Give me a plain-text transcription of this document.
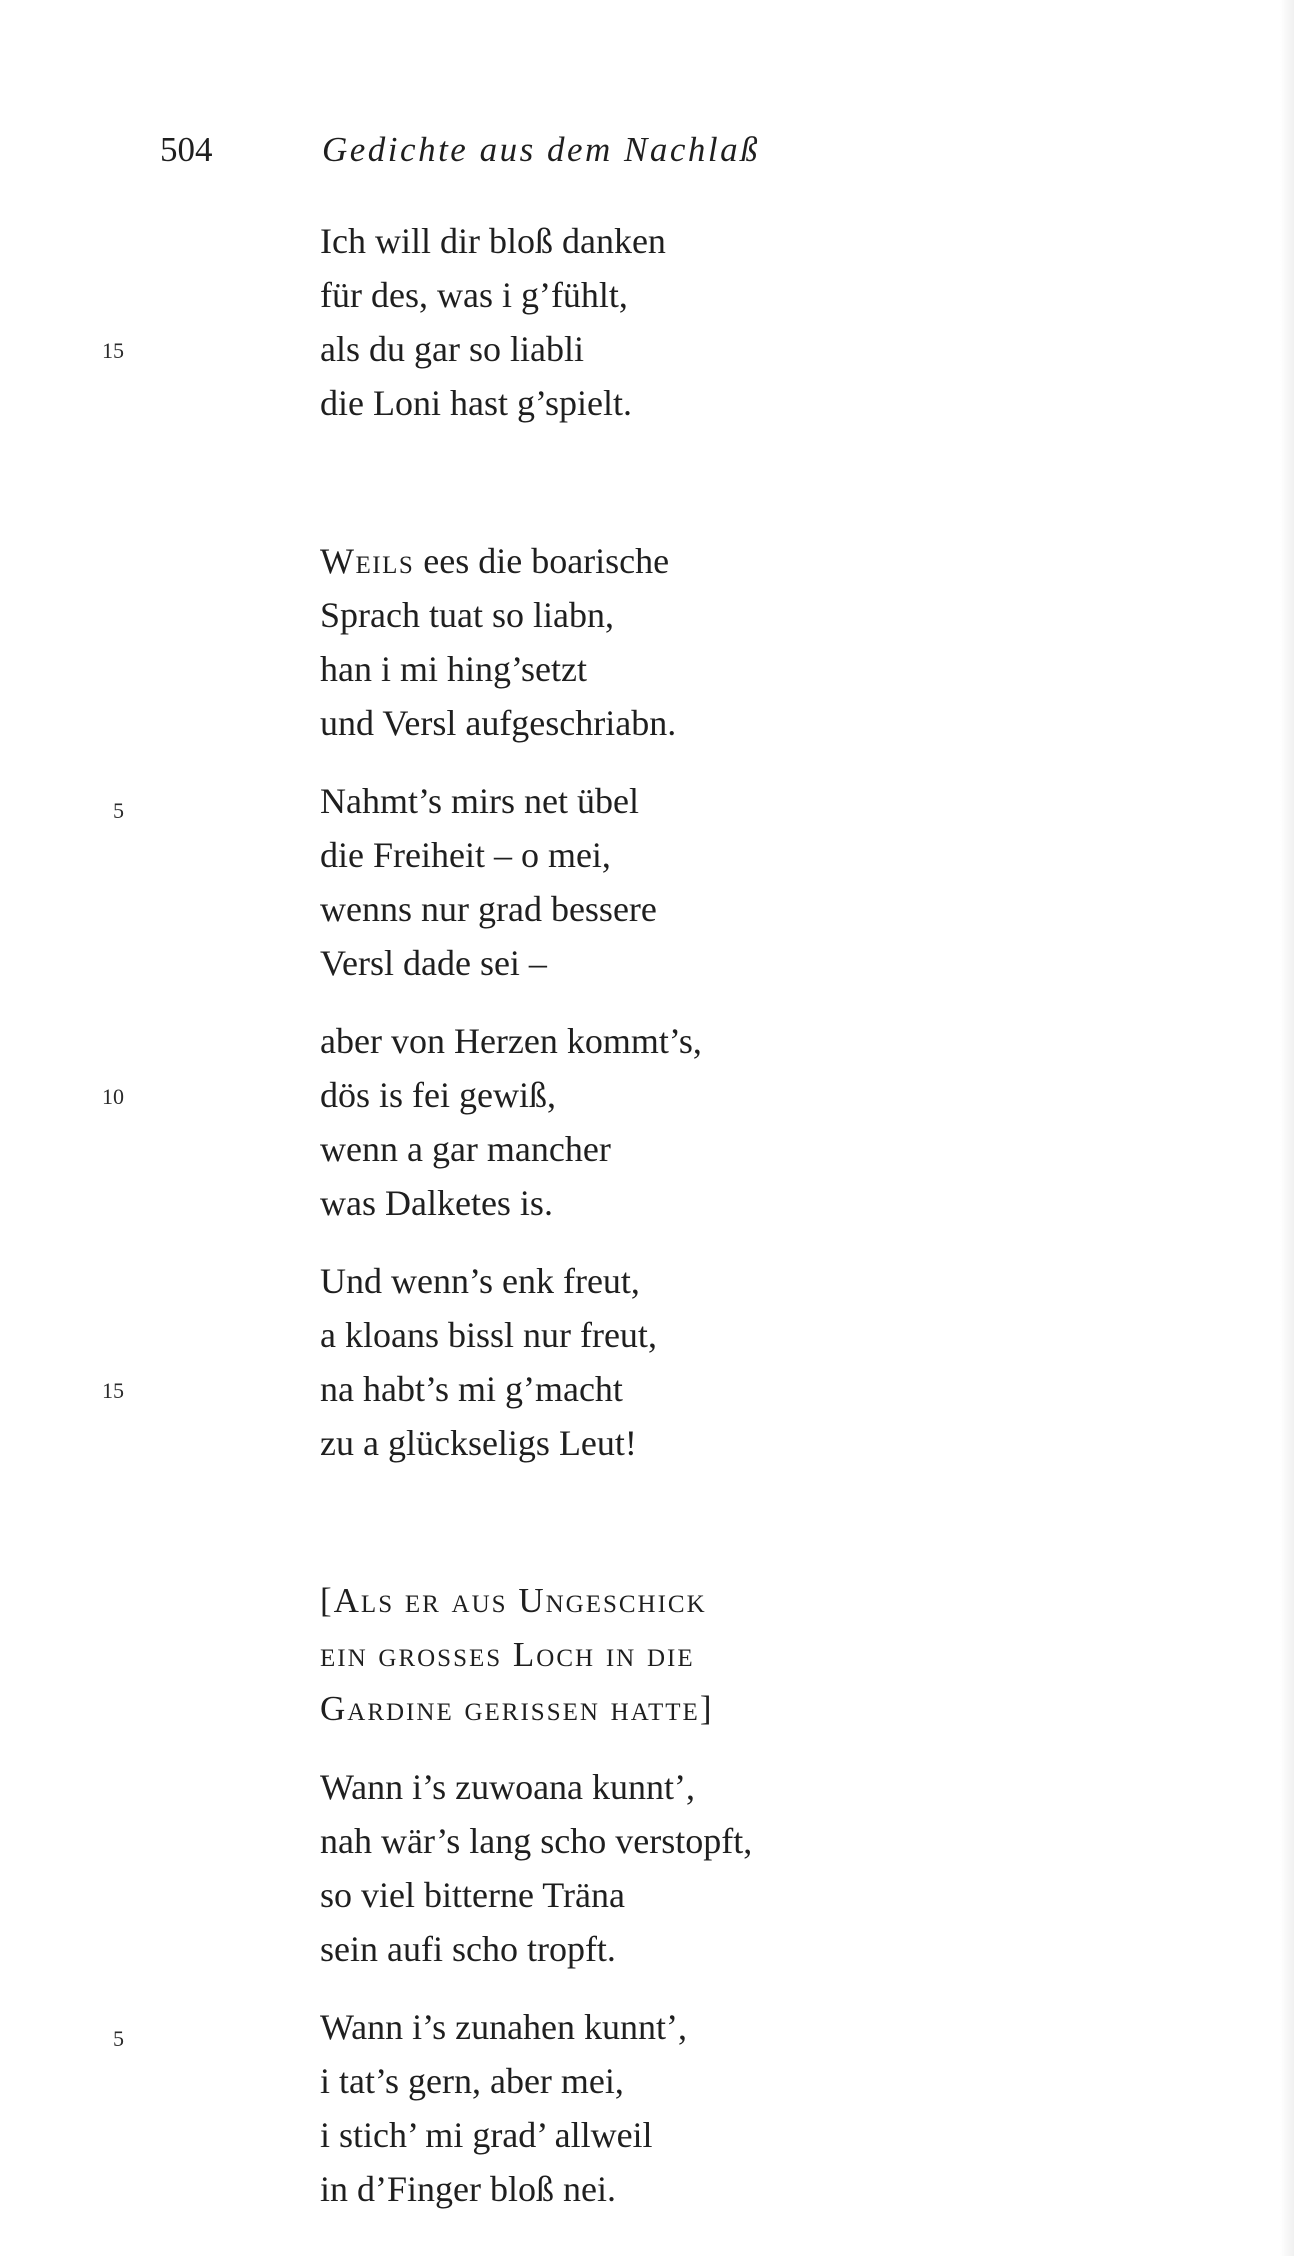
504	Gedichte aus dem Nachlaß
Ich will dir bloß danken
für des, was i g’fühlt,
15	als du gar so liabli
die Loni hast g’spielt.
Weils ees die boarische
Sprach tuat so liabn,
han i mi hing’setzt
und Versl aufgeschriabn.
5	Nahmt’s mirs net übel
die Freiheit – o mei,
wenns nur grad bessere
Versl dade sei –
aber von Herzen kommt’s,
10	dös is fei gewiß,
wenn a gar mancher
was Dalketes is.
Und wenn’s enk freut,
a kloans bissl nur freut,
15	na habt’s mi g’macht
zu a glückseligs Leut!
[Als er aus Ungeschick
ein grosses Loch in die
Gardine gerissen hatte]
Wann i’s zuwoana kunnt’,
nah wär’s lang scho verstopft,
so viel bitterne Träna
sein aufi scho tropft.
5	Wann i’s zunahen kunnt’,
i tat’s gern, aber mei,
i stich’ mi grad’ allweil
in d’Finger bloß nei.
